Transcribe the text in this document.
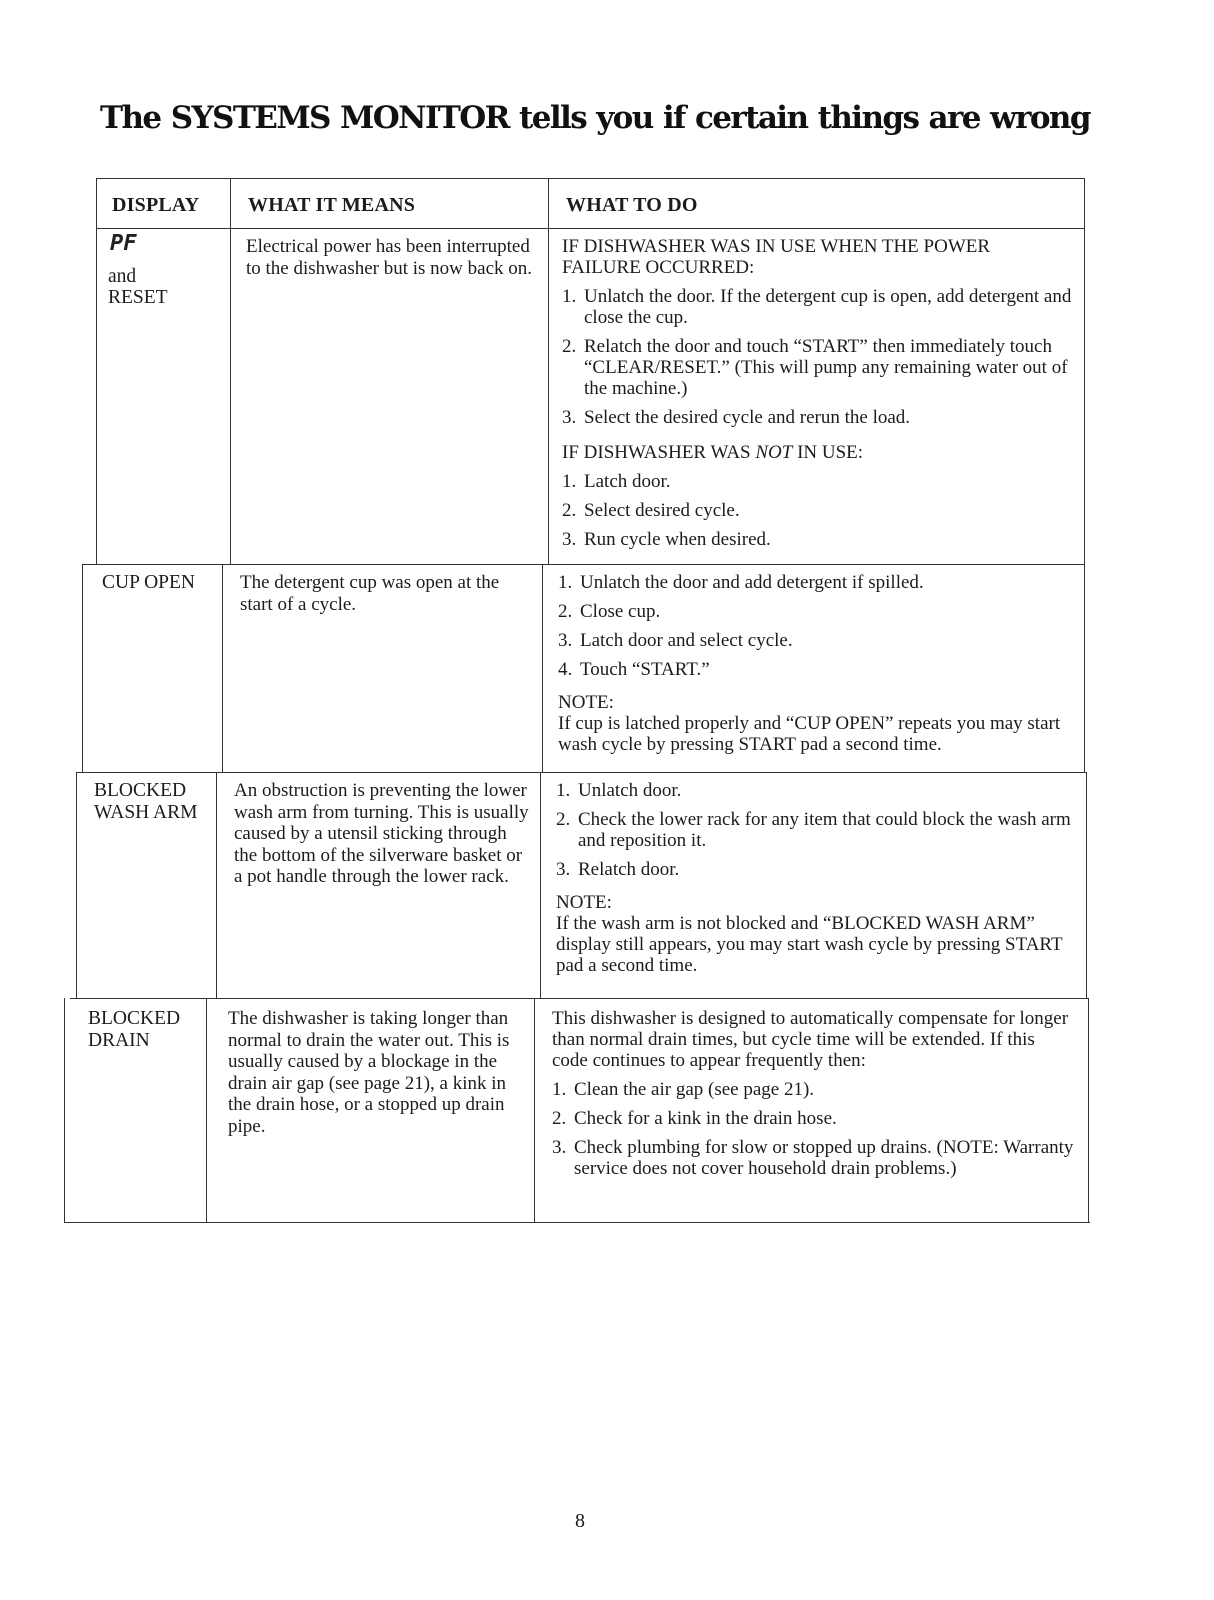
The SYSTEMS MONITOR tells you if certain things are wrong
DISPLAY WHAT IT MEANS	WHAT TO DO
PF
and
RESET
Electrical power has been interrupted to the dishwasher but is now back on.
IF DISHWASHER WAS IN USE WHEN THE POWER FAILURE OCCURRED:
1. Unlatch the door. If the detergent cup is open, add detergent and close the cup.
2. Relatch the door and touch “START” then immediately touch “CLEAR/RESET.” (This will pump any remaining water out of the machine.)
3. Select the desired cycle and rerun the load.
IF DISHWASHER WAS NOT IN USE:
1. Latch door.
2. Select desired cycle.
3. Run cycle when desired.
CUP OPEN	The detergent cup was open at the start of a cycle.
1. Unlatch the door and add detergent if spilled.
2. Close cup.
3. Latch door and select cycle.
4. Touch “START.”
NOTE:
If cup is latched properly and “CUP OPEN” repeats you may start wash cycle by pressing START pad a second time.
BLOCKED
WASH ARM
An obstruction is preventing the lower wash arm from turning. This is usually caused by a utensil sticking through the bottom of the silverware basket or a pot handle through the lower rack.
1. Unlatch door.
2. Check the lower rack for any item that could block the wash arm and reposition it.
3. Relatch door.
NOTE:
If the wash arm is not blocked and “BLOCKED WASH ARM” display still appears, you may start wash cycle by pressing START pad a second time.
BLOCKED
DRAIN
The dishwasher is taking longer than normal to drain the water out. This is usually caused by a blockage in the drain air gap (see page 21), a kink in the drain hose, or a stopped up drain pipe.
This dishwasher is designed to automatically compensate for longer than normal drain times, but cycle time will be extended. If this code continues to appear frequently then:
1. Clean the air gap (see page 21).
2. Check for a kink in the drain hose.
3. Check plumbing for slow or stopped up drains. (NOTE: Warranty service does not cover household drain problems.)
8
